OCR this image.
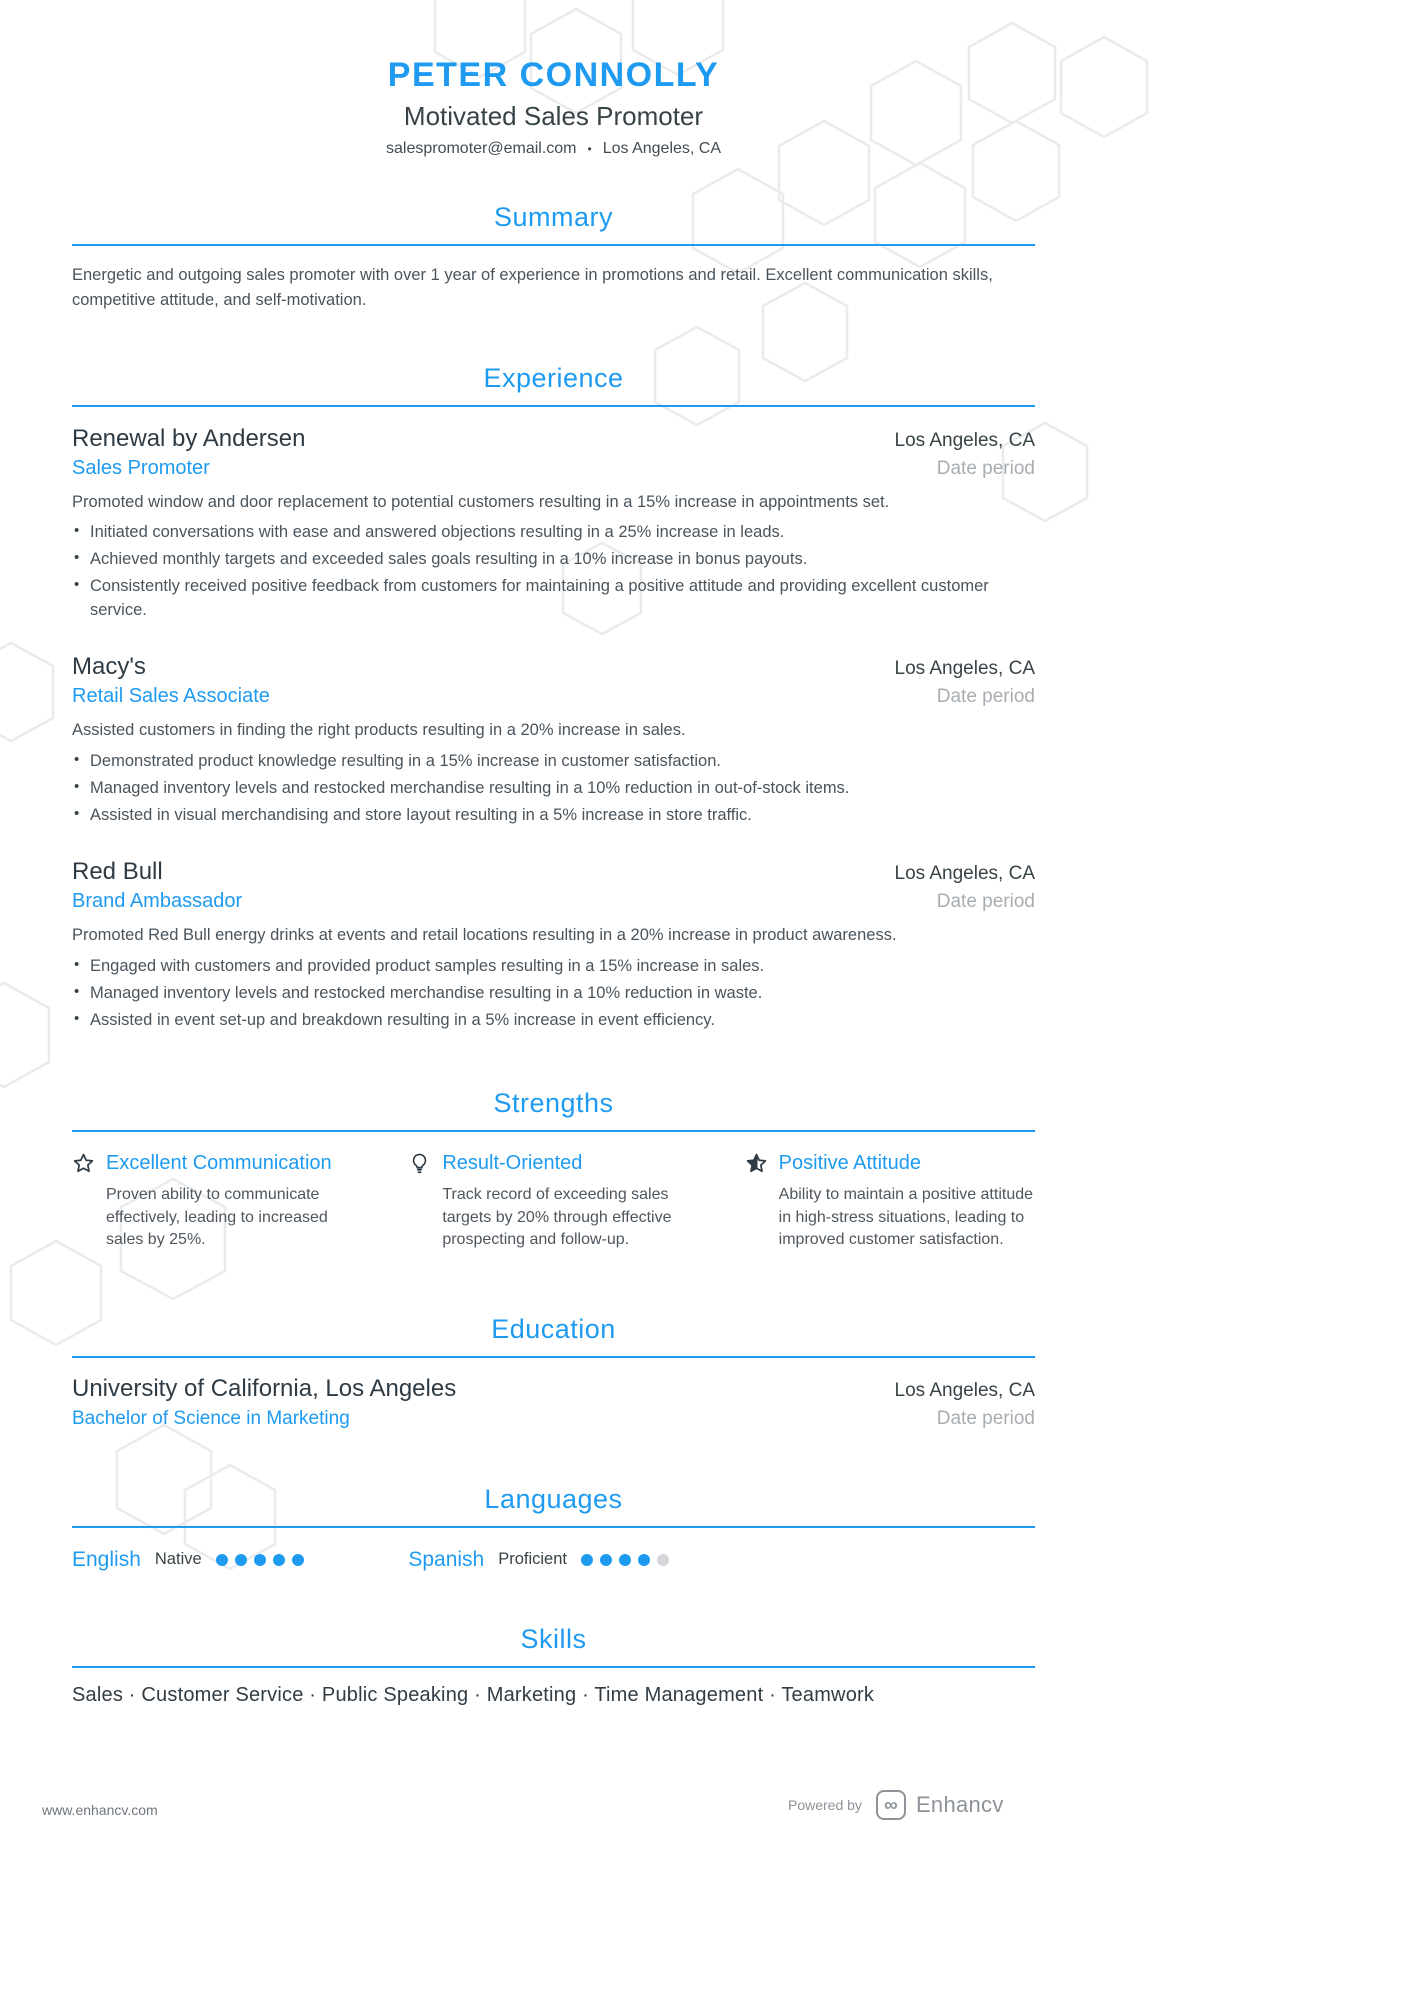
PETER CONNOLLY
Motivated Sales Promoter
salespromoter@email.com • Los Angeles, CA
Summary
Energetic and outgoing sales promoter with over 1 year of experience in promotions and retail. Excellent communication skills, competitive attitude, and self-motivation.
Experience
Renewal by Andersen	Los Angeles, CA
Sales Promoter	Date period
Promoted window and door replacement to potential customers resulting in a 15% increase in appointments set.
• Initiated conversations with ease and answered objections resulting in a 25% increase in leads.
• Achieved monthly targets and exceeded sales goals resulting in a 10% increase in bonus payouts.
• Consistently received positive feedback from customers for maintaining a positive attitude and providing excellent customer service.
Macy's	Los Angeles, CA
Retail Sales Associate	Date period
Assisted customers in finding the right products resulting in a 20% increase in sales.
• Demonstrated product knowledge resulting in a 15% increase in customer satisfaction.
• Managed inventory levels and restocked merchandise resulting in a 10% reduction in out-of-stock items.
• Assisted in visual merchandising and store layout resulting in a 5% increase in store traffic.
Red Bull	Los Angeles, CA
Brand Ambassador	Date period
Promoted Red Bull energy drinks at events and retail locations resulting in a 20% increase in product awareness.
• Engaged with customers and provided product samples resulting in a 15% increase in sales.
• Managed inventory levels and restocked merchandise resulting in a 10% reduction in waste.
• Assisted in event set-up and breakdown resulting in a 5% increase in event efficiency.
Strengths
Excellent Communication
Proven ability to communicate effectively, leading to increased sales by 25%.
Result-Oriented
Track record of exceeding sales targets by 20% through effective prospecting and follow-up.
Positive Attitude
Ability to maintain a positive attitude in high-stress situations, leading to improved customer satisfaction.
Education
University of California, Los Angeles	Los Angeles, CA
Bachelor of Science in Marketing	Date period
Languages
English Native	Spanish Proficient
Skills
Sales · Customer Service · Public Speaking · Marketing · Time Management · Teamwork
www.enhancv.com	Powered by	∞ Enhancv
